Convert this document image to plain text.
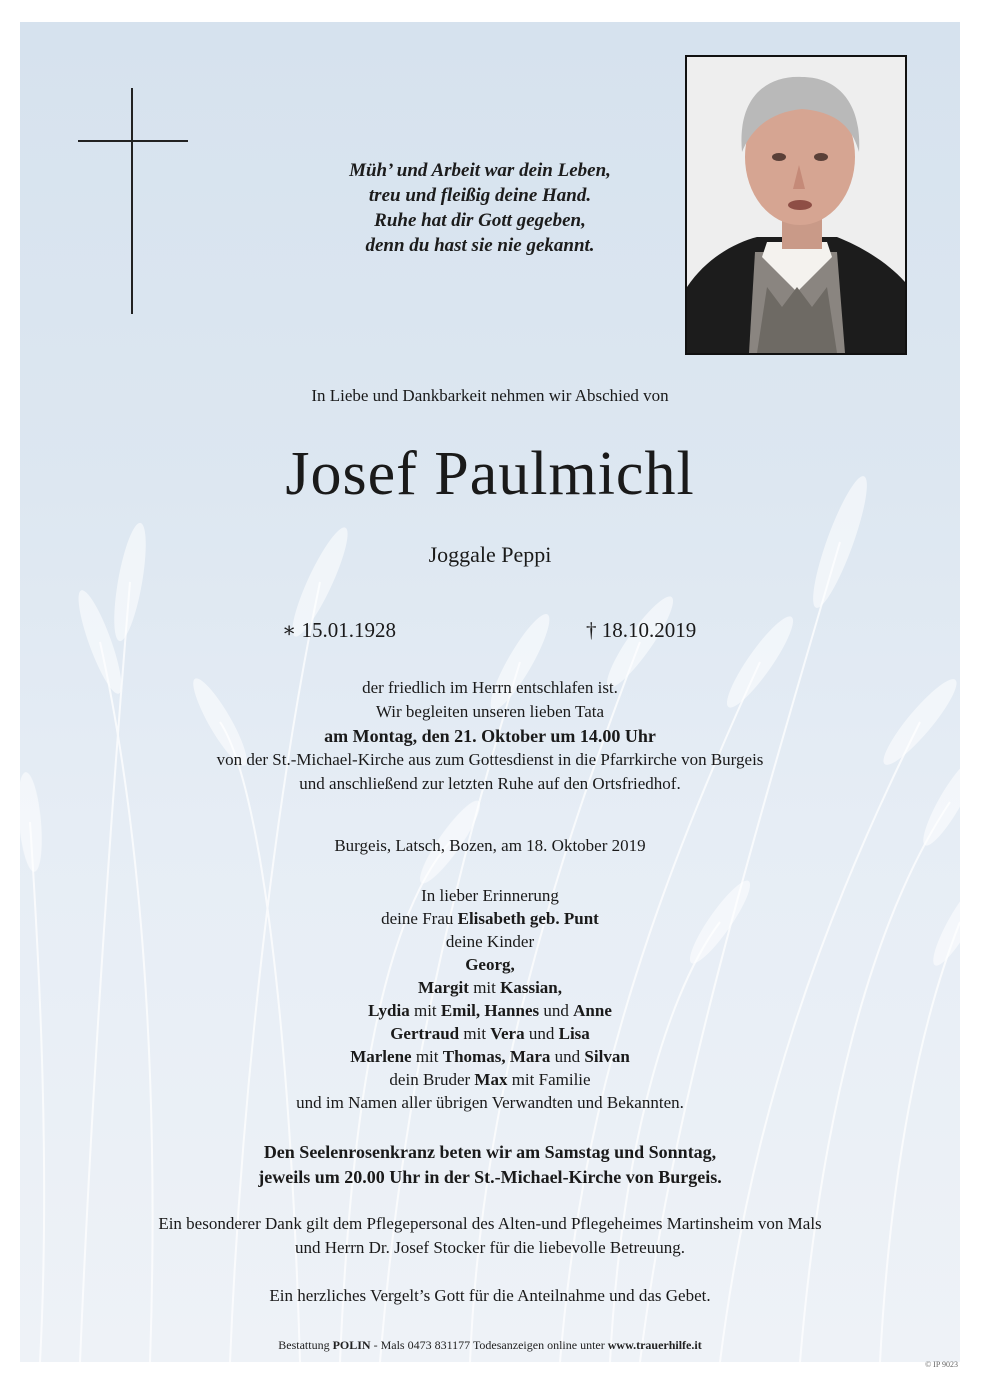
Müh’ und Arbeit war dein Leben,
treu und fleißig deine Hand.
Ruhe hat dir Gott gegeben,
denn du hast sie nie gekannt.
In Liebe und Dankbarkeit nehmen wir Abschied von
Josef Paulmichl
Joggale Peppi
∗ 15.01.1928	† 18.10.2019
der friedlich im Herrn entschlafen ist.
Wir begleiten unseren lieben Tata
am Montag, den 21. Oktober um 14.00 Uhr
von der St.-Michael-Kirche aus zum Gottesdienst in die Pfarrkirche von Burgeis
und anschließend zur letzten Ruhe auf den Ortsfriedhof.
Burgeis, Latsch, Bozen, am 18. Oktober 2019
In lieber Erinnerung
deine Frau Elisabeth geb. Punt
deine Kinder
Georg,
Margit mit Kassian,
Lydia mit Emil, Hannes und Anne
Gertraud mit Vera und Lisa
Marlene mit Thomas, Mara und Silvan
dein Bruder Max mit Familie
und im Namen aller übrigen Verwandten und Bekannten.
Den Seelenrosenkranz beten wir am Samstag und Sonntag,
jeweils um 20.00 Uhr in der St.-Michael-Kirche von Burgeis.
Ein besonderer Dank gilt dem Pflegepersonal des Alten-und Pflegeheimes Martinsheim von Mals
und Herrn Dr. Josef Stocker für die liebevolle Betreuung.
Ein herzliches Vergelt’s Gott für die Anteilnahme und das Gebet.
Bestattung POLIN - Mals 0473 831177 Todesanzeigen online unter www.trauerhilfe.it
© IP 9023
